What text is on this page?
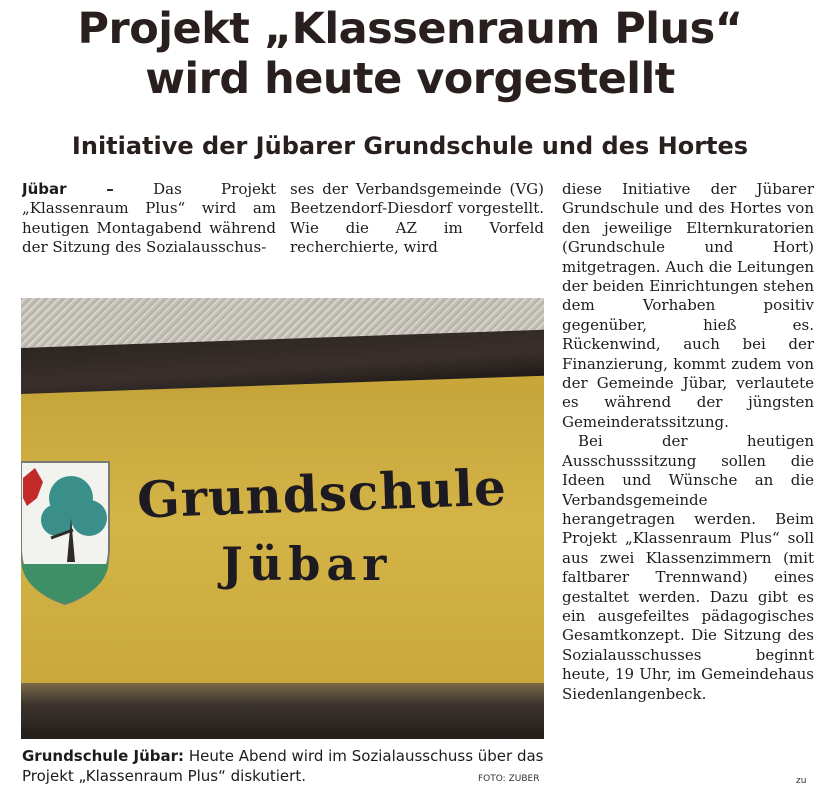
Projekt „Klassenraum Plus“
wird heute vorgestellt
Initiative der Jübarer Grundschule und des Hortes

Jübar –	Das Projekt „Klassenraum Plus“ wird am heutigen Montagabend während der Sitzung des Sozialausschus-

ses der Verbandsgemeinde (VG) Beetzendorf-Diesdorf vorgestellt. Wie die AZ im Vorfeld recherchierte, wird

diese Initiative der Jübarer Grundschule und des Hortes von den jeweilige Elternkuratorien (Grundschule und Hort) mitgetragen. Auch die Leitungen der beiden Einrichtungen stehen dem Vorhaben positiv gegenüber, hieß es. Rückenwind, auch bei der Finanzierung, kommt zudem von der Gemeinde Jübar, verlautete es während der jüngsten Gemeinderatssitzung.

Bei der heutigen Ausschusssitzung sollen die Ideen und Wünsche an die Verbandsgemeinde herangetragen werden. Beim Projekt „Klassenraum Plus“ soll aus zwei Klassenzimmern (mit faltbarer Trennwand) eines gestaltet werden. Dazu gibt es ein ausgefeiltes pädagogisches Gesamtkonzept. Die Sitzung des Sozialausschusses beginnt heute, 19 Uhr, im Gemeindehaus Siedenlangenbeck.

Grundschule
Jübar
Grundschule Jübar: Heute Abend wird im Sozialausschuss über das Projekt „Klassenraum Plus“ diskutiert.	FOTO: ZUBER	zu
